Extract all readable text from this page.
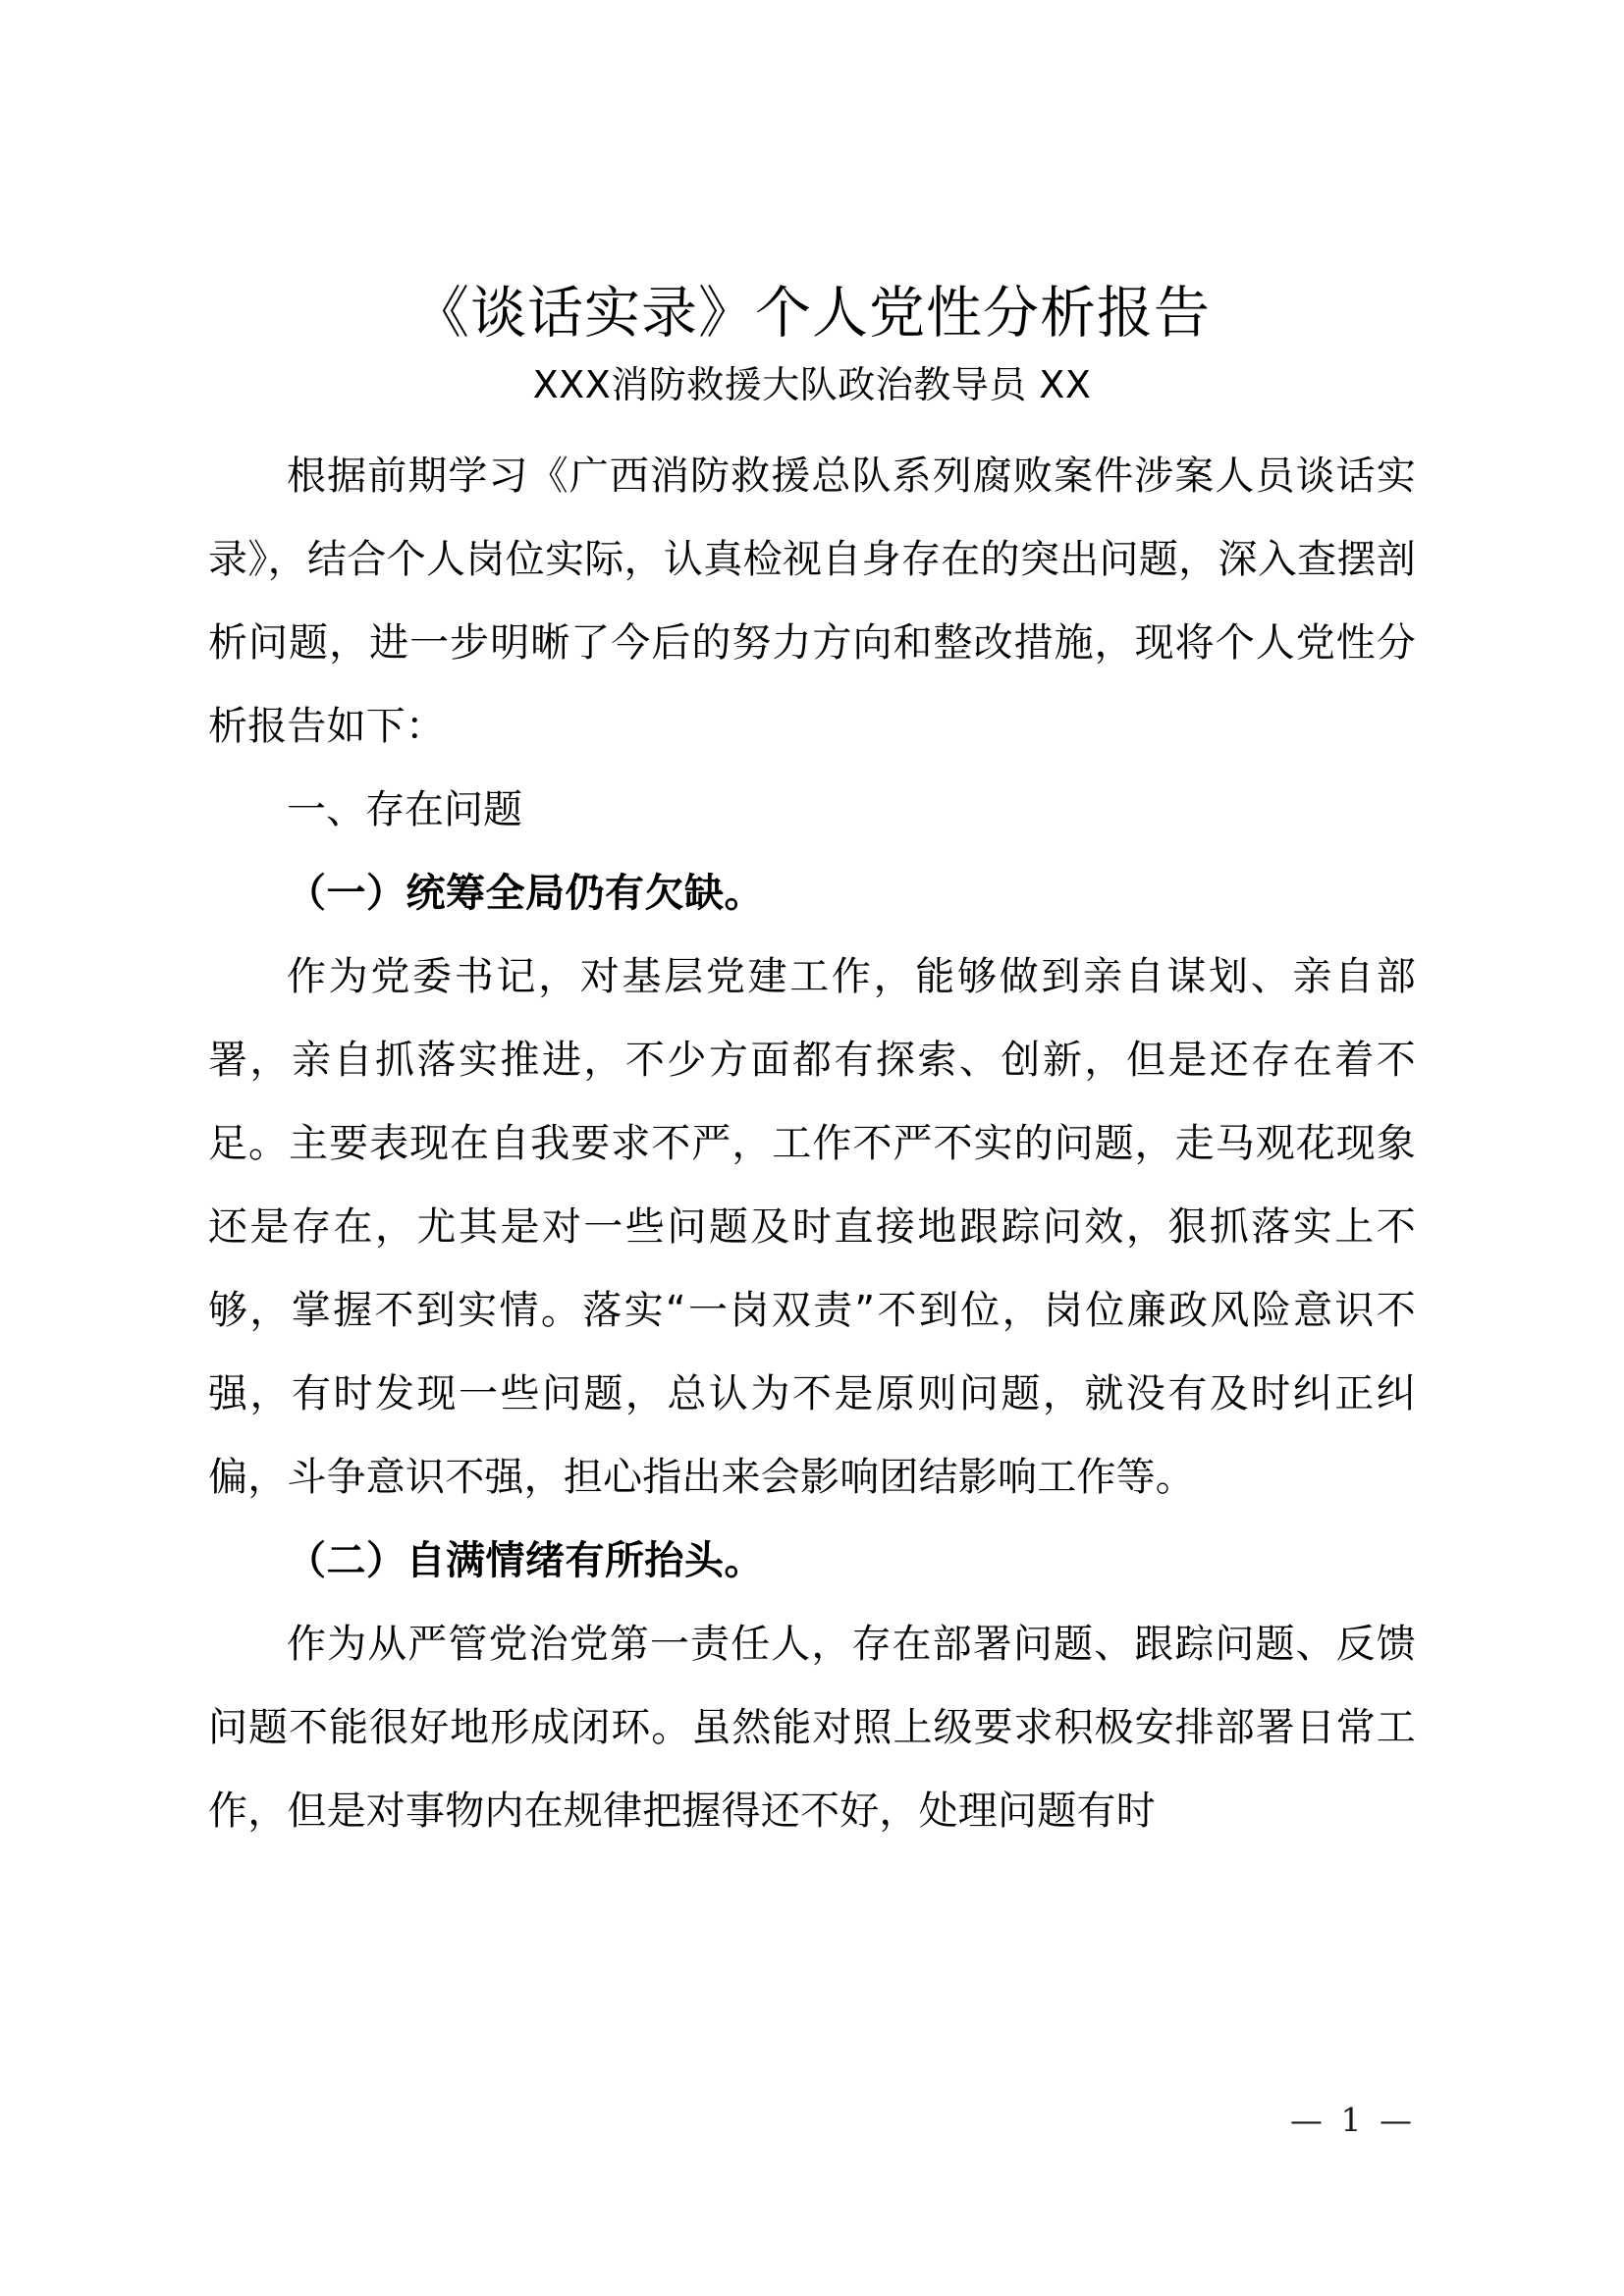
《谈话实录》个人党性分析报告
XXX消防救援大队政治教导员 XX

根据前期学习《广西消防救援总队系列腐败案件涉案人员谈话实录》，结合个人岗位实际，认真检视自身存在的突出问题，深入查摆剖析问题，进一步明晰了今后的努力方向和整改措施，现将个人党性分析报告如下：

一、存在问题

（一）统筹全局仍有欠缺。

作为党委书记，对基层党建工作，能够做到亲自谋划、亲自部署，亲自抓落实推进，不少方面都有探索、创新，但是还存在着不足。主要表现在自我要求不严，工作不严不实的问题，走马观花现象还是存在，尤其是对一些问题及时直接地跟踪问效，狠抓落实上不够，掌握不到实情。落实“一岗双责”不到位，岗位廉政风险意识不强，有时发现一些问题，总认为不是原则问题，就没有及时纠正纠偏，斗争意识不强，担心指出来会影响团结影响工作等。

（二）自满情绪有所抬头。

作为从严管党治党第一责任人，存在部署问题、跟踪问题、反馈问题不能很好地形成闭环。虽然能对照上级要求积极安排部署日常工作，但是对事物内在规律把握得还不好，处理问题有时

— 1 —
